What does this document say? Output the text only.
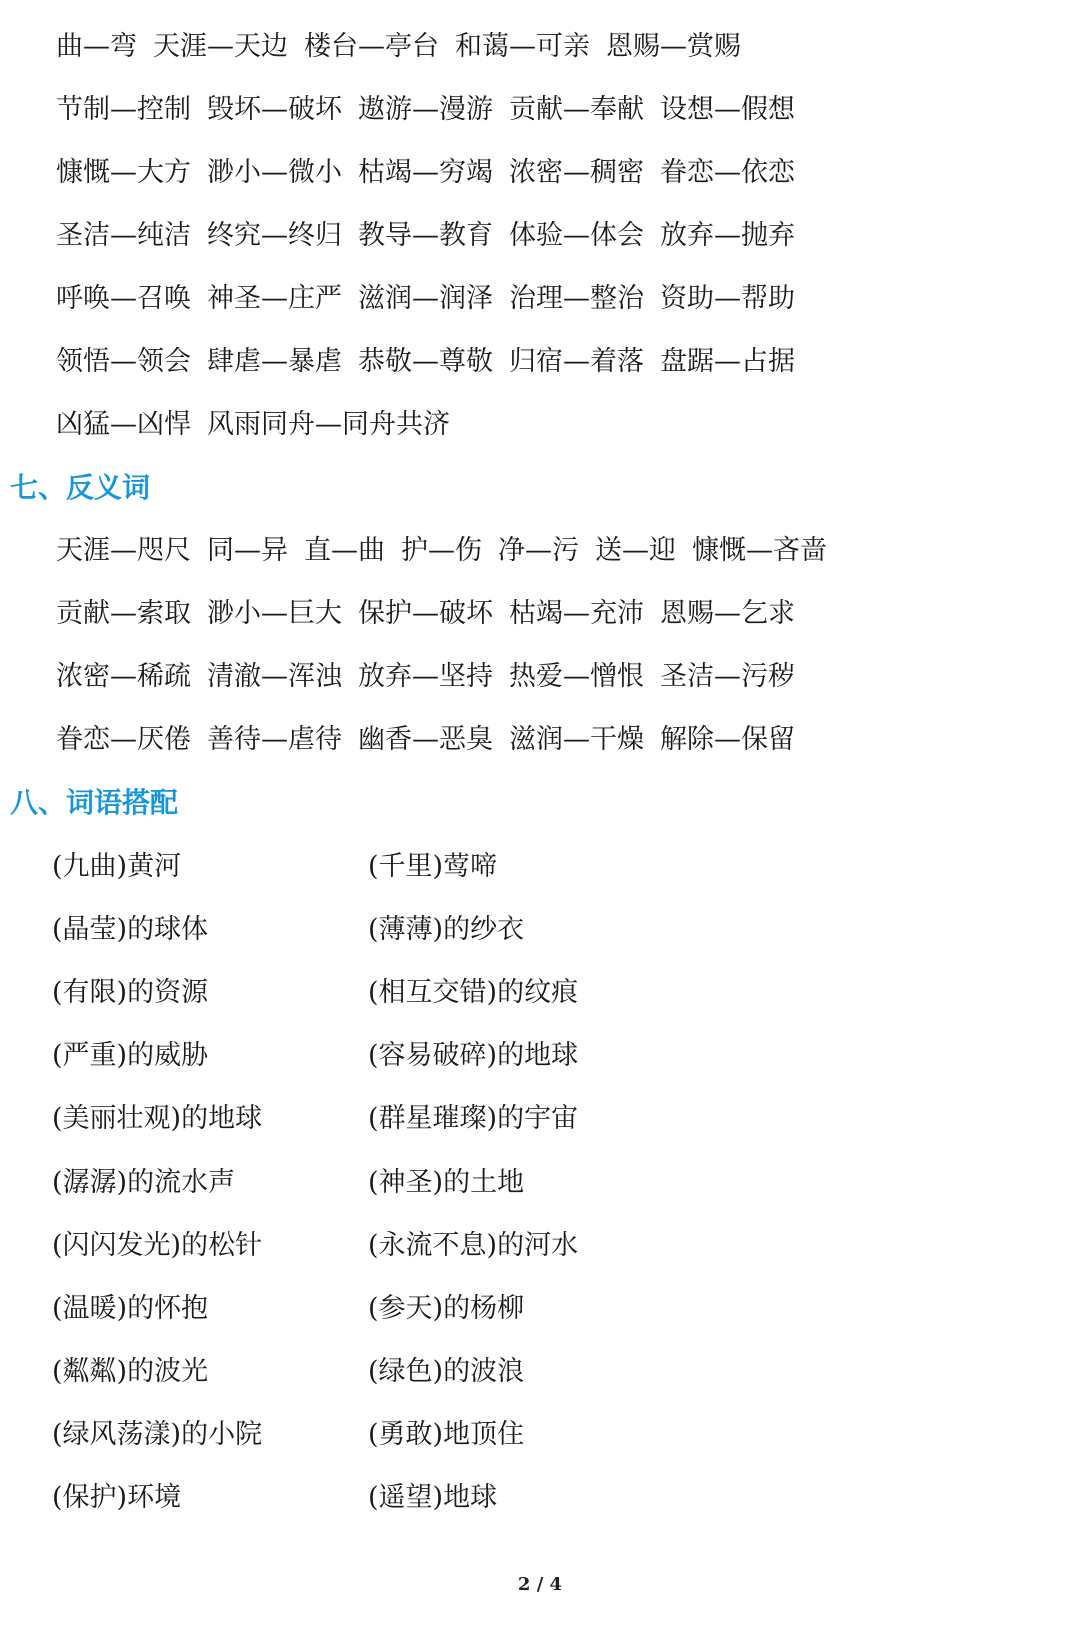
曲—弯 天涯—天边 楼台—亭台 和蔼—可亲 恩赐—赏赐
节制—控制 毁坏—破坏 遨游—漫游 贡献—奉献 设想—假想
慷慨—大方 渺小—微小 枯竭—穷竭 浓密—稠密 眷恋—依恋
圣洁—纯洁 终究—终归 教导—教育 体验—体会 放弃—抛弃
呼唤—召唤 神圣—庄严 滋润—润泽 治理—整治 资助—帮助
领悟—领会 肆虐—暴虐 恭敬—尊敬 归宿—着落 盘踞—占据
凶猛—凶悍 风雨同舟—同舟共济
七、反义词
天涯—咫尺 同—异 直—曲 护—伤 净—污 送—迎 慷慨—吝啬
贡献—索取 渺小—巨大 保护—破坏 枯竭—充沛 恩赐—乞求
浓密—稀疏 清澈—浑浊 放弃—坚持 热爱—憎恨 圣洁—污秽
眷恋—厌倦 善待—虐待 幽香—恶臭 滋润—干燥 解除—保留
八、词语搭配
(九曲)黄河	(千里)莺啼
(晶莹)的球体	(薄薄)的纱衣
(有限)的资源	(相互交错)的纹痕
(严重)的威胁	(容易破碎)的地球
(美丽壮观)的地球	(群星璀璨)的宇宙
(潺潺)的流水声	(神圣)的土地
(闪闪发光)的松针	(永流不息)的河水
(温暖)的怀抱	(参天)的杨柳
(粼粼)的波光	(绿色)的波浪
(绿风荡漾)的小院	(勇敢)地顶住
(保护)环境	(遥望)地球
2 / 4
